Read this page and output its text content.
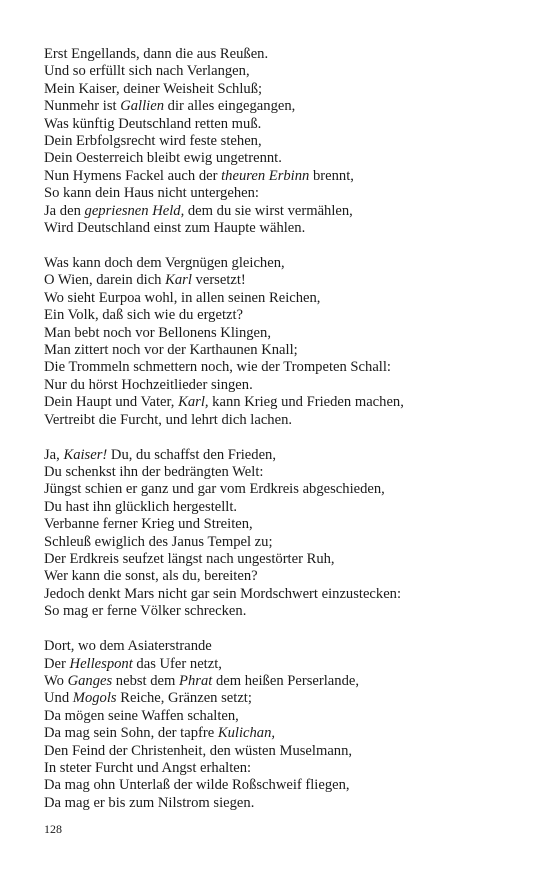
Erst Engellands, dann die aus Reußen.
Und so erfüllt sich nach Verlangen,
Mein Kaiser, deiner Weisheit Schluß;
Nunmehr ist Gallien dir alles eingegangen,
Was künftig Deutschland retten muß.
Dein Erbfolgsrecht wird feste stehen,
Dein Oesterreich bleibt ewig ungetrennt.
Nun Hymens Fackel auch der theuren Erbinn brennt,
So kann dein Haus nicht untergehen:
Ja den gepriesnen Held, dem du sie wirst vermählen,
Wird Deutschland einst zum Haupte wählen.
Was kann doch dem Vergnügen gleichen,
O Wien, darein dich Karl versetzt!
Wo sieht Eurpoa wohl, in allen seinen Reichen,
Ein Volk, daß sich wie du ergetzt?
Man bebt noch vor Bellonens Klingen,
Man zittert noch vor der Karthaunen Knall;
Die Trommeln schmettern noch, wie der Trompeten Schall:
Nur du hörst Hochzeitlieder singen.
Dein Haupt und Vater, Karl, kann Krieg und Frieden machen,
Vertreibt die Furcht, und lehrt dich lachen.
Ja, Kaiser! Du, du schaffst den Frieden,
Du schenkst ihn der bedrängten Welt:
Jüngst schien er ganz und gar vom Erdkreis abgeschieden,
Du hast ihn glücklich hergestellt.
Verbanne ferner Krieg und Streiten,
Schleuß ewiglich des Janus Tempel zu;
Der Erdkreis seufzet längst nach ungestörter Ruh,
Wer kann die sonst, als du, bereiten?
Jedoch denkt Mars nicht gar sein Mordschwert einzustecken:
So mag er ferne Völker schrecken.
Dort, wo dem Asiaterstrande
Der Hellespont das Ufer netzt,
Wo Ganges nebst dem Phrat dem heißen Perserlande,
Und Mogols Reiche, Gränzen setzt;
Da mögen seine Waffen schalten,
Da mag sein Sohn, der tapfre Kulichan,
Den Feind der Christenheit, den wüsten Muselmann,
In steter Furcht und Angst erhalten:
Da mag ohn Unterlaß der wilde Roßschweif fliegen,
Da mag er bis zum Nilstrom siegen.
128
